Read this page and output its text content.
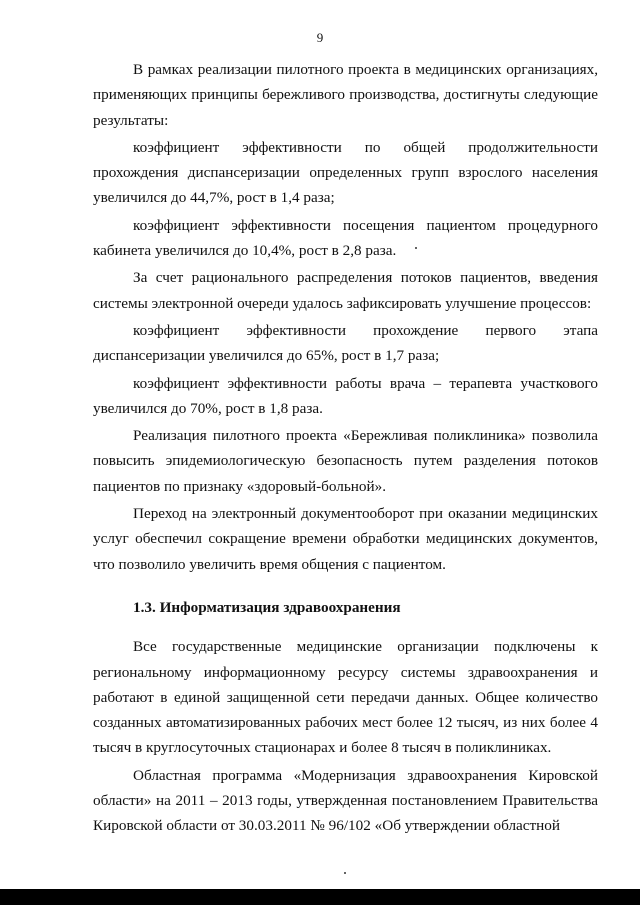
9

В рамках реализации пилотного проекта в медицинских организациях, применяющих принципы бережливого производства, достигнуты следующие результаты:

коэффициент эффективности по общей продолжительности прохождения диспансеризации определенных групп взрослого населения увеличился до 44,7%, рост в 1,4 раза;

коэффициент эффективности посещения пациентом процедурного кабинета увеличился до 10,4%, рост в 2,8 раза.

За счет рационального распределения потоков пациентов, введения системы электронной очереди удалось зафиксировать улучшение процессов:

коэффициент эффективности прохождение первого этапа диспансеризации увеличился до 65%, рост в 1,7 раза;

коэффициент эффективности работы врача – терапевта участкового увеличился до 70%, рост в 1,8 раза.

Реализация пилотного проекта «Бережливая поликлиника» позволила повысить эпидемиологическую безопасность путем разделения потоков пациентов по признаку «здоровый-больной».

Переход на электронный документооборот при оказании медицинских услуг обеспечил сокращение времени обработки медицинских документов, что позволило увеличить время общения с пациентом.

1.3. Информатизация здравоохранения

Все государственные медицинские организации подключены к региональному информационному ресурсу системы здравоохранения и работают в единой защищенной сети передачи данных. Общее количество созданных автоматизированных рабочих мест более 12 тысяч, из них более 4 тысяч в круглосуточных стационарах и более 8 тысяч в поликлиниках.

Областная программа «Модернизация здравоохранения Кировской области» на 2011 – 2013 годы, утвержденная постановлением Правительства Кировской области от 30.03.2011 № 96/102 «Об утверждении областной
